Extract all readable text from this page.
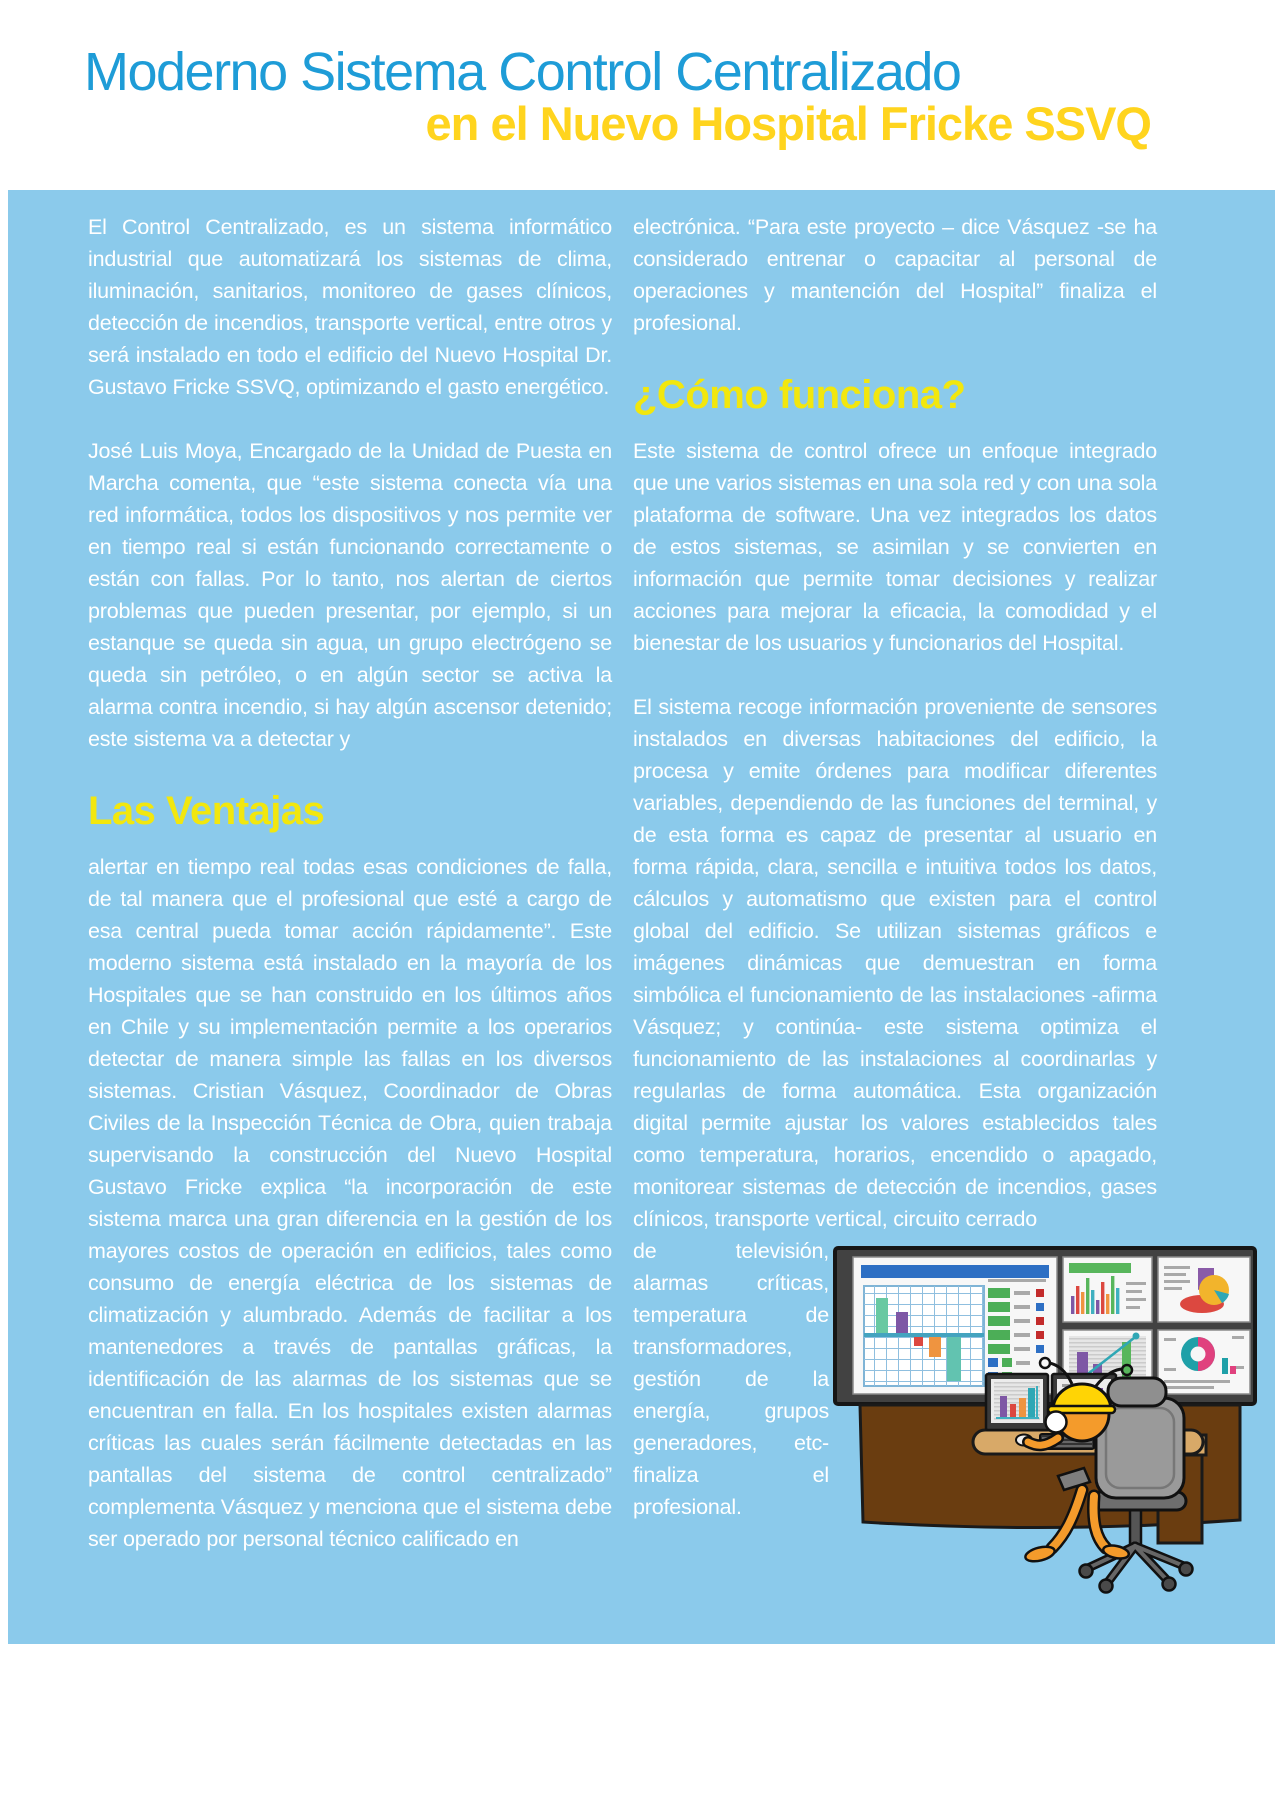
Moderno Sistema Control Centralizado
en el Nuevo Hospital Fricke SSVQ

El Control Centralizado, es un sistema informático industrial que automatizará los sistemas de clima, iluminación, sanitarios, monitoreo de gases clínicos, detección de incendios, transporte vertical, entre otros y será instalado en todo el edificio del Nuevo Hospital Dr. Gustavo Fricke SSVQ, optimizando el gasto energético.

José Luis Moya, Encargado de la Unidad de Puesta en Marcha comenta, que “este sistema conecta vía una red informática, todos los dispositivos y nos permite ver en tiempo real si están funcionando correctamente o están con fallas. Por lo tanto, nos alertan de ciertos problemas que pueden presentar, por ejemplo, si un estanque se queda sin agua, un grupo electrógeno se queda sin petróleo, o en algún sector se activa la alarma contra incendio, si hay algún ascensor detenido; este sistema va a detectar y

Las Ventajas

alertar en tiempo real todas esas condiciones de falla, de tal manera que el profesional que esté a cargo de esa central pueda tomar acción rápidamente”. Este moderno sistema está instalado en la mayoría de los Hospitales que se han construido en los últimos años en Chile y su implementación permite a los operarios detectar de manera simple las fallas en los diversos sistemas. Cristian Vásquez, Coordinador de Obras Civiles de la Inspección Técnica de Obra, quien trabaja supervisando la construcción del Nuevo Hospital Gustavo Fricke explica “la incorporación de este sistema marca una gran diferencia en la gestión de los mayores costos de operación en edificios, tales como consumo de energía eléctrica de los sistemas de climatización y alumbrado. Además de facilitar a los mantenedores a través de pantallas gráficas, la identificación de las alarmas de los sistemas que se encuentran en falla. En los hospitales existen alarmas críticas las cuales serán fácilmente detectadas en las pantallas del sistema de control centralizado” complementa Vásquez y menciona que el sistema debe ser operado por personal técnico calificado en

electrónica. “Para este proyecto – dice Vásquez -se ha considerado entrenar o capacitar al personal de operaciones y mantención del Hospital” finaliza el profesional.

¿Cómo funciona?

Este sistema de control ofrece un enfoque integrado que une varios sistemas en una sola red y con una sola plataforma de software. Una vez integrados los datos de estos sistemas, se asimilan y se convierten en información que permite tomar decisiones y realizar acciones para mejorar la eficacia, la comodidad y el bienestar de los usuarios y funcionarios del Hospital.

El sistema recoge información proveniente de sensores instalados en diversas habitaciones del edificio, la procesa y emite órdenes para modificar diferentes variables, dependiendo de las funciones del terminal, y de esta forma es capaz de presentar al usuario en forma rápida, clara, sencilla e intuitiva todos los datos, cálculos y automatismo que existen para el control global del edificio. Se utilizan sistemas gráficos e imágenes dinámicas que demuestran en forma simbólica el funcionamiento de las instalaciones -afirma Vásquez; y continúa- este sistema optimiza el funcionamiento de las instalaciones al coordinarlas y regularlas de forma automática. Esta organización digital permite ajustar los valores establecidos tales como temperatura, horarios, encendido o apagado, monitorear sistemas de detección de incendios, gases clínicos, transporte vertical, circuito cerrado

de televisión, alarmas críticas, temperatura de transformadores, gestión de la energía, grupos generadores, etc- finaliza el profesional.

2	BOLETÍN NUEVO HOSPITAL DR. GUSTAVO FRICKE - SSVQ
